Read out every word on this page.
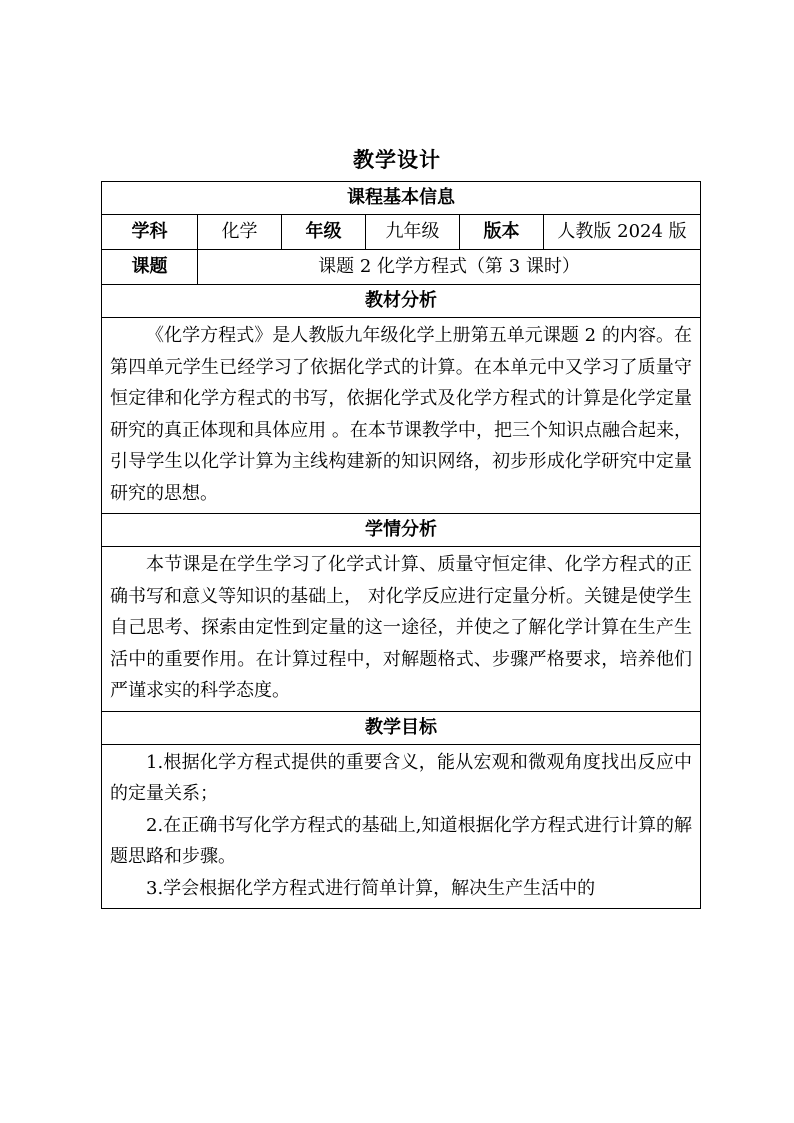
教学设计
课程基本信息					
学科	化学	年级	九年级	版本	人教版 2024 版
课题	课题 2 化学方程式（第 3 课时）				
教材分析					

《化学方程式》是人教版九年级化学上册第五单元课题 2 的内容。在第四单元学生已经学习了依据化学式的计算。在本单元中又学习了质量守恒定律和化学方程式的书写，依据化学式及化学方程式的计算是化学定量研究的真正体现和具体应用 。在本节课教学中，把三个知识点融合起来，引导学生以化学计算为主线构建新的知识网络，初步形成化学研究中定量研究的思想。					

学情分析					

本节课是在学生学习了化学式计算、质量守恒定律、化学方程式的正确书写和意义等知识的基础上， 对化学反应进行定量分析。关键是使学生自己思考、探索由定性到定量的这一途径，并使之了解化学计算在生产生活中的重要作用。在计算过程中，对解题格式、步骤严格要求，培养他们严谨求实的科学态度。					

教学目标					

1.根据化学方程式提供的重要含义，能从宏观和微观角度找出反应中的定量关系；

2.在正确书写化学方程式的基础上,知道根据化学方程式进行计算的解题思路和步骤。

3.学会根据化学方程式进行简单计算，解决生产生活中的					
